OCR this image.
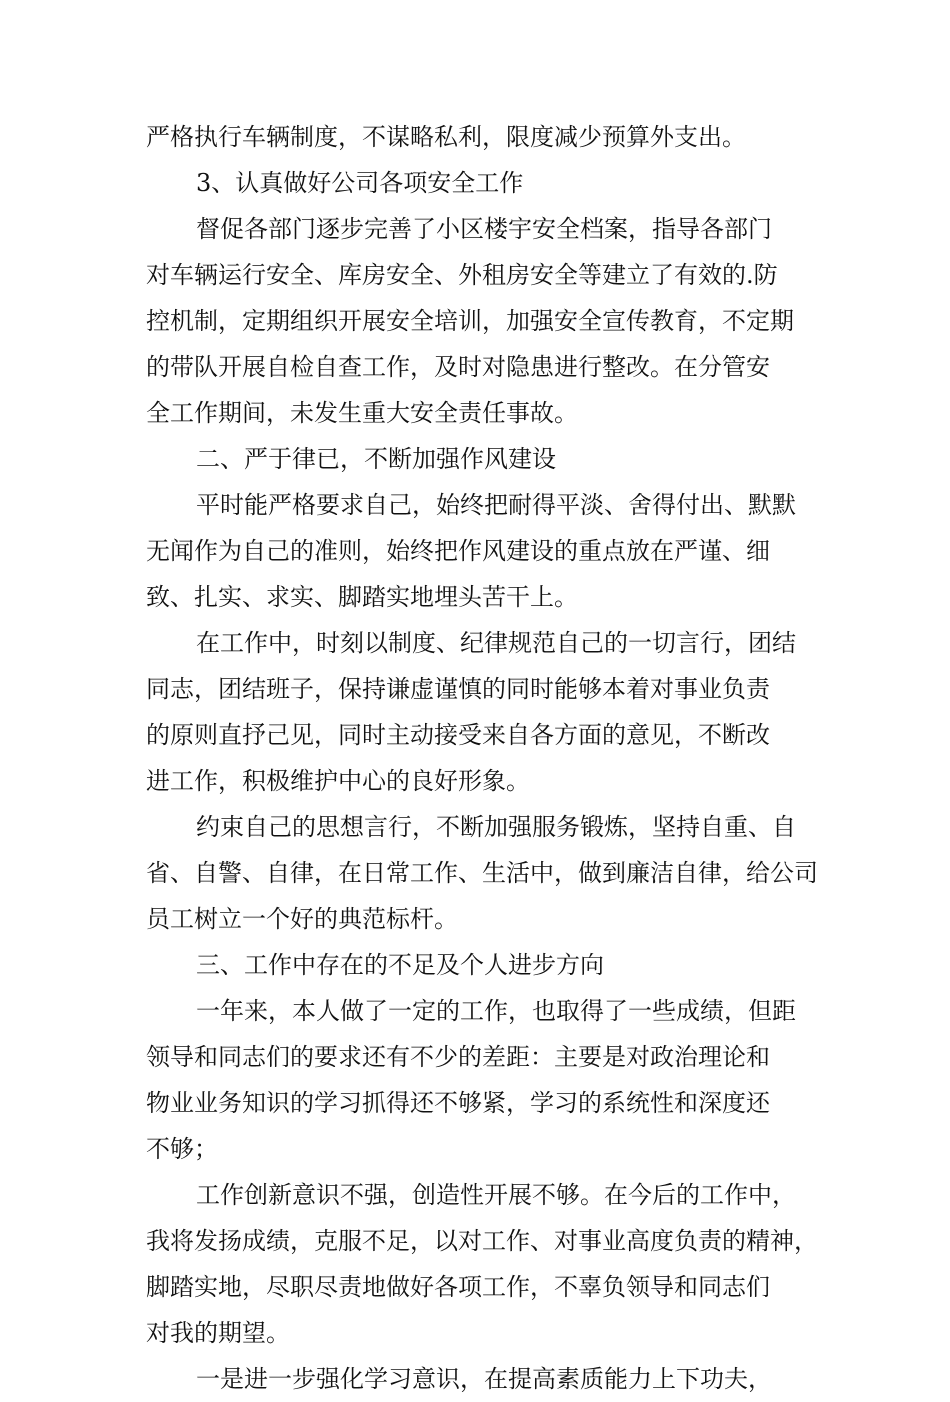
严格执行车辆制度，不谋略私利，限度减少预算外支出。
3、认真做好公司各项安全工作
督促各部门逐步完善了小区楼宇安全档案，指导各部门
对车辆运行安全、库房安全、外租房安全等建立了有效的.防
控机制，定期组织开展安全培训，加强安全宣传教育，不定期
的带队开展自检自查工作，及时对隐患进行整改。在分管安
全工作期间，未发生重大安全责任事故。
二、严于律已，不断加强作风建设
平时能严格要求自己，始终把耐得平淡、舍得付出、默默
无闻作为自己的准则，始终把作风建设的重点放在严谨、细
致、扎实、求实、脚踏实地埋头苦干上。
在工作中，时刻以制度、纪律规范自己的一切言行，团结
同志，团结班子，保持谦虚谨慎的同时能够本着对事业负责
的原则直抒己见，同时主动接受来自各方面的意见，不断改
进工作，积极维护中心的良好形象。
约束自己的思想言行，不断加强服务锻炼，坚持自重、自
省、自警、自律，在日常工作、生活中，做到廉洁自律，给公司
员工树立一个好的典范标杆。
三、工作中存在的不足及个人进步方向
一年来，本人做了一定的工作，也取得了一些成绩，但距
领导和同志们的要求还有不少的差距：主要是对政治理论和
物业业务知识的学习抓得还不够紧，学习的系统性和深度还
不够；
工作创新意识不强，创造性开展不够。在今后的工作中，
我将发扬成绩，克服不足，以对工作、对事业高度负责的精神，
脚踏实地，尽职尽责地做好各项工作，不辜负领导和同志们
对我的期望。
一是进一步强化学习意识，在提高素质能力上下功夫，
